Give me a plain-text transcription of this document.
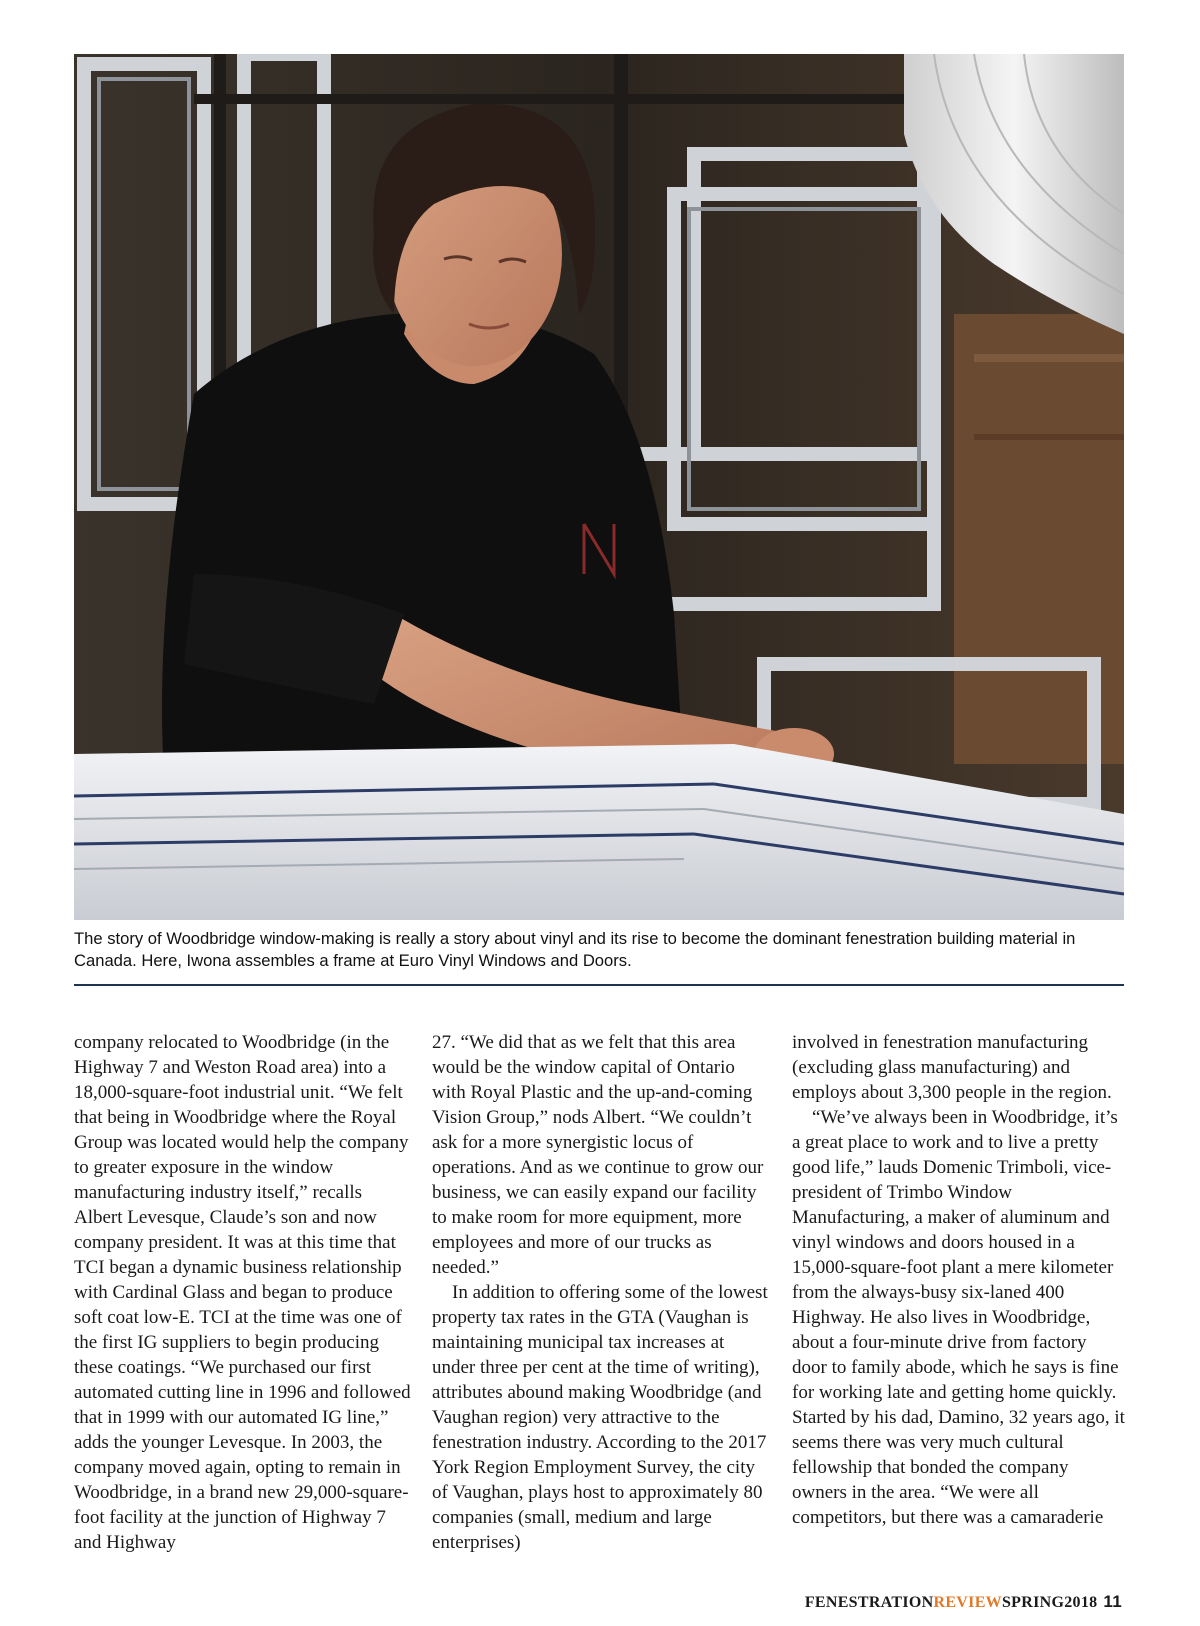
The story of Woodbridge window-making is really a story about vinyl and its rise to become the dominant fenestration building material in Canada. Here, Iwona assembles a frame at Euro Vinyl Windows and Doors.

company relocated to Woodbridge (in the Highway 7 and Weston Road area) into a 18,000-square-foot industrial unit. “We felt that being in Woodbridge where the Royal Group was located would help the company to greater exposure in the window manufacturing industry itself,” recalls Albert Levesque, Claude’s son and now company president. It was at this time that TCI began a dynamic business relationship with Cardinal Glass and began to produce soft coat low-E. TCI at the time was one of the first IG suppliers to begin producing these coatings. “We purchased our first automated cutting line in 1996 and followed that in 1999 with our automated IG line,” adds the younger Levesque. In 2003, the company moved again, opting to remain in Woodbridge, in a brand new 29,000-square-foot facility at the junction of Highway 7 and Highway

27. “We did that as we felt that this area would be the window capital of Ontario with Royal Plastic and the up-and-coming Vision Group,” nods Albert. “We couldn’t ask for a more synergistic locus of operations. And as we continue to grow our business, we can easily expand our facility to make room for more equipment, more employees and more of our trucks as needed.”

In addition to offering some of the lowest property tax rates in the GTA (Vaughan is maintaining municipal tax increases at under three per cent at the time of writing), attributes abound making Woodbridge (and Vaughan region) very attractive to the fenestration industry. According to the 2017 York Region Employment Survey, the city of Vaughan, plays host to approximately 80 companies (small, medium and large enterprises)

involved in fenestration manufacturing (excluding glass manufacturing) and employs about 3,300 people in the region.

“We’ve always been in Woodbridge, it’s a great place to work and to live a pretty good life,” lauds Domenic Trimboli, vice-president of Trimbo Window Manufacturing, a maker of aluminum and vinyl windows and doors housed in a 15,000-square-foot plant a mere kilometer from the always-busy six-laned 400 Highway. He also lives in Woodbridge, about a four-minute drive from factory door to family abode, which he says is fine for working late and getting home quickly. Started by his dad, Damino, 32 years ago, it seems there was very much cultural fellowship that bonded the company owners in the area. “We were all competitors, but there was a camaraderie

FENESTRATIONREVIEWSPRING2018 11
